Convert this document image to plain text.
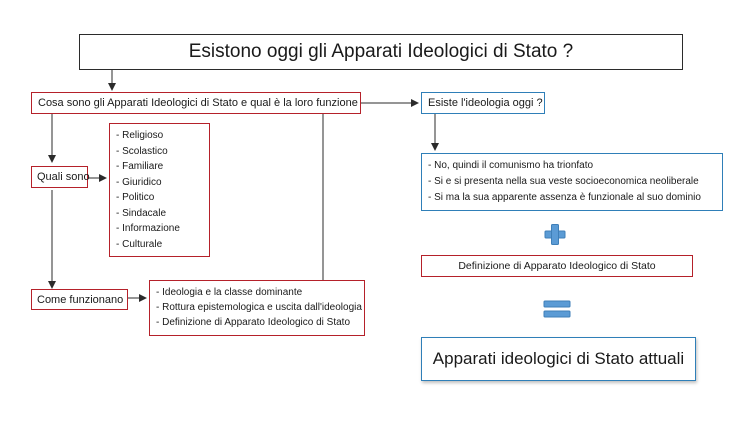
Esistono oggi gli Apparati Ideologici di Stato ?
Cosa sono gli Apparati Ideologici di Stato e qual è la loro funzione
Quali sono
- Religioso
- Scolastico
- Familiare
- Giuridico
- Politico
- Sindacale
- Informazione
- Culturale
Come funzionano
- Ideologia e la classe dominante
- Rottura epistemologica e uscita dall'ideologia
- Definizione di Apparato Ideologico di Stato
Esiste l'ideologia oggi ?
- No, quindi il comunismo ha trionfato
- Si e si presenta nella sua veste socioeconomica neoliberale
- Si ma la sua apparente assenza è funzionale al suo dominio
Definizione di Apparato Ideologico di Stato
Apparati ideologici di Stato attuali
